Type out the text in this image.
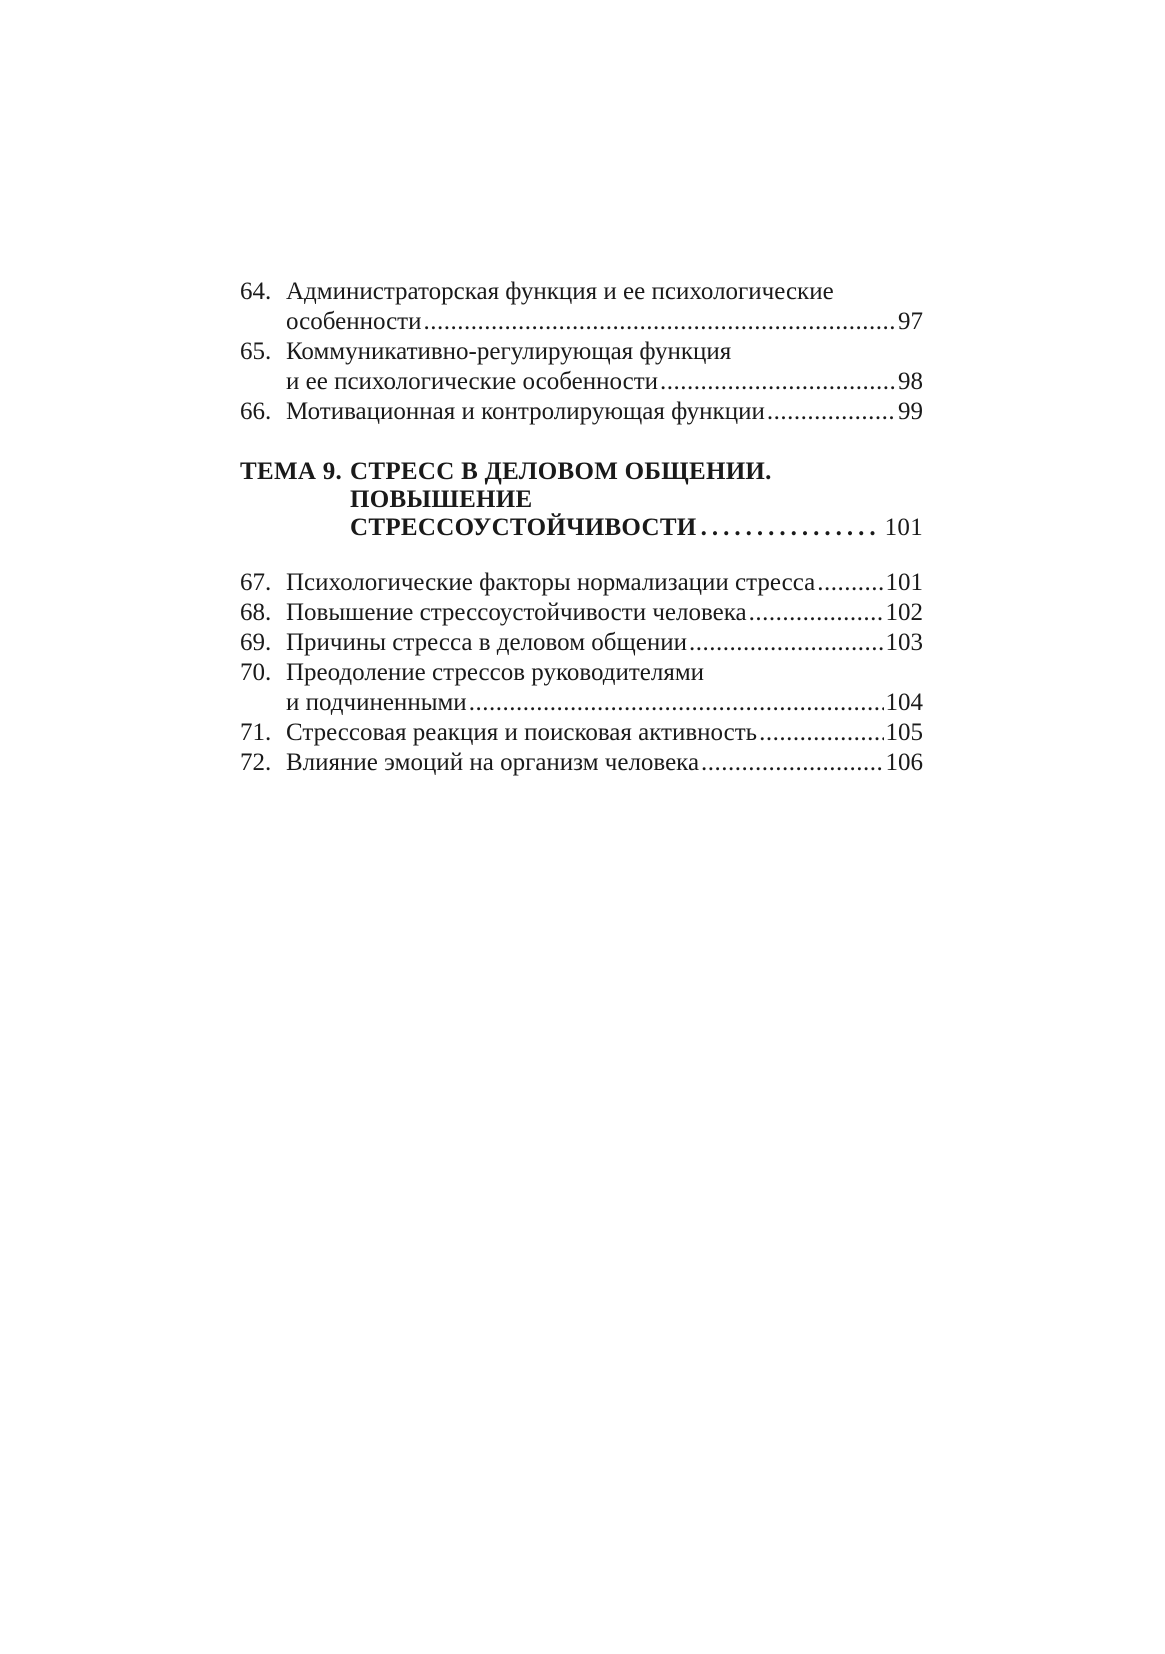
64. Администраторская функция и ее психологические
особенности .....	97
65. Коммуникативно-регулирующая функция
и ее психологические особенности .....	98
66. Мотивационная и контролирующая функции .....	99
ТЕМА 9. СТРЕСС В ДЕЛОВОМ ОБЩЕНИИ.
ПОВЫШЕНИЕ
СТРЕССОУСТОЙЧИВОСТИ .....	101
67. Психологические факторы нормализации стресса .....	101
68. Повышение стрессоустойчивости человека .....	102
69. Причины стресса в деловом общении .....	103
70. Преодоление стрессов руководителями
и подчиненными .....	104
71. Стрессовая реакция и поисковая активность .....	105
72. Влияние эмоций на организм человека .....	106
